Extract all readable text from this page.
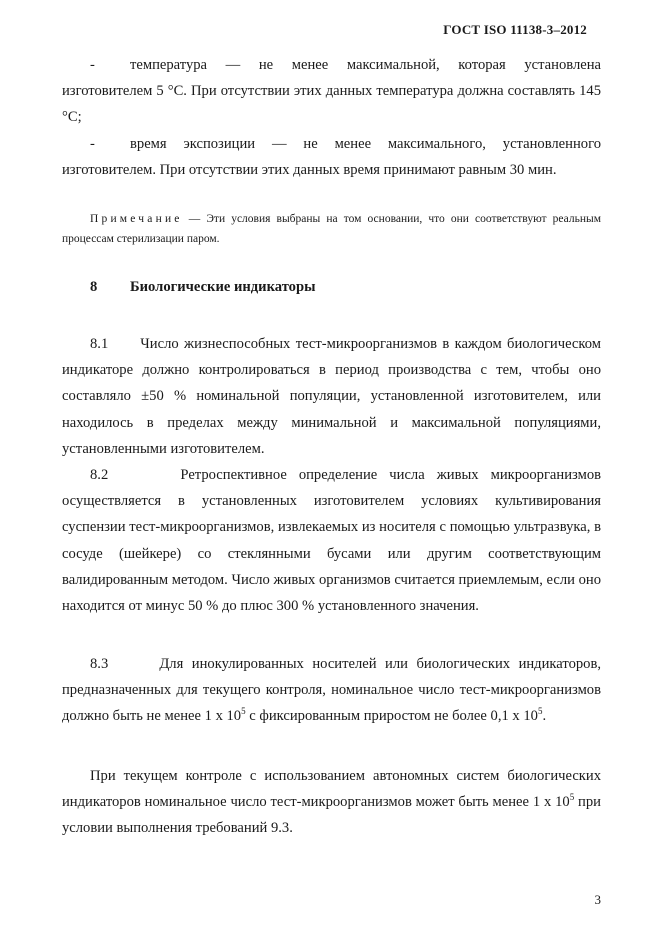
ГОСТ ISO 11138-3–2012
-	температура — не менее максимальной, которая установлена

изготовителем 5 °С. При отсутствии этих данных температура должна составлять 145 °С;

-	время экспозиции — не менее максимального, установленного

изготовителем. При отсутствии этих данных время принимают равным 30 мин.

Примечание — Эти условия выбраны на том основании, что они соответствуют реальным процессам стерилизации паром.

8 Биологические индикаторы

8.1 Число жизнеспособных тест-микроорганизмов в каждом биологическом индикаторе должно контролироваться в период производства с тем, чтобы оно составляло ±50 % номинальной популяции, установленной изготовителем, или находилось в пределах между минимальной и максимальной популяциями, установленными изготовителем.

8.2	Ретроспективное определение числа живых микроорганизмов осуществляется в установленных изготовителем условиях культивирования суспензии тест-микроорганизмов, извлекаемых из носителя с помощью ультразвука, в сосуде (шейкере) со стеклянными бусами или другим соответствующим валидированным методом. Число живых организмов считается приемлемым, если оно находится от минус 50 % до плюс 300 % установленного значения.

8.3	Для инокулированных носителей или биологических индикаторов, предназначенных для текущего контроля, номинальное число тест-микроорганизмов должно быть не менее 1 х $10^5$ с фиксированным приростом не более 0,1 х $10^5$.

При текущем контроле с использованием автономных систем биологических индикаторов номинальное число тест-микроорганизмов может быть менее 1 х $10^5$ при условии выполнения требований 9.3.

3
